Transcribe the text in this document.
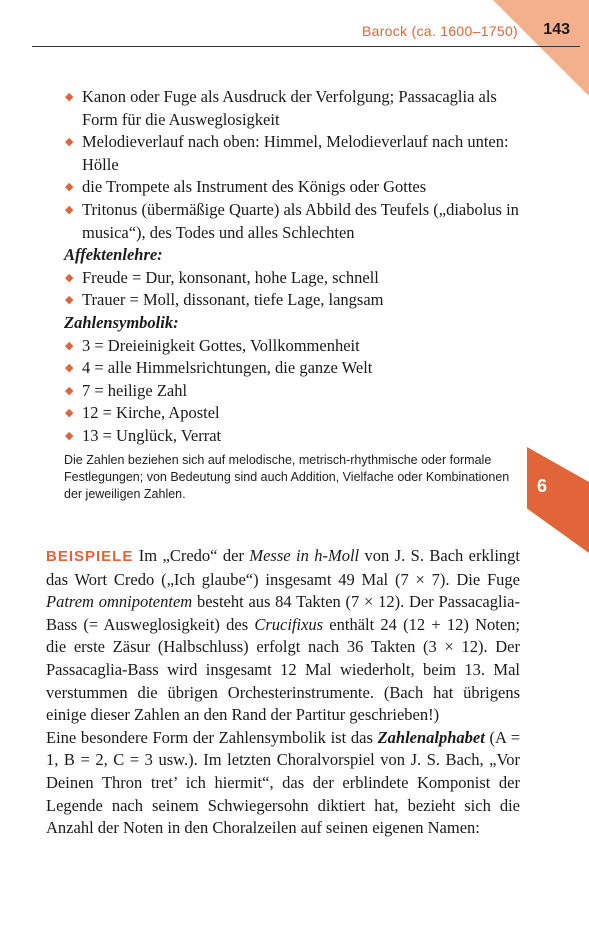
Barock (ca. 1600–1750) 143
6
◆ Kanon oder Fuge als Ausdruck der Verfolgung; Passacaglia als Form für die Ausweglosigkeit
◆ Melodieverlauf nach oben: Himmel, Melodieverlauf nach unten: Hölle
◆ die Trompete als Instrument des Königs oder Gottes
◆ Tritonus (übermäßige Quarte) als Abbild des Teufels („diabolus in musica“), des Todes und alles Schlechten

Affektenlehre:

◆ Freude = Dur, konsonant, hohe Lage, schnell
◆ Trauer = Moll, dissonant, tiefe Lage, langsam

Zahlensymbolik:

◆ 3 = Dreieinigkeit Gottes, Vollkommenheit
◆ 4 = alle Himmelsrichtungen, die ganze Welt
◆ 7 = heilige Zahl
◆ 12 = Kirche, Apostel
◆ 13 = Unglück, Verrat

Die Zahlen beziehen sich auf melodische, metrisch-rhythmische oder formale Festlegungen; von Bedeutung sind auch Addition, Vielfache oder Kombinationen der jeweiligen Zahlen.

BEISPIELE Im „Credo“ der Messe in h-Moll von J. S. Bach erklingt das Wort Credo („Ich glaube“) insgesamt 49 Mal (7 × 7). Die Fuge Patrem omnipotentem besteht aus 84 Takten (7 × 12). Der Passacaglia-Bass (= Ausweglosigkeit) des Crucifixus enthält 24 (12 + 12) Noten; die erste Zäsur (Halbschluss) erfolgt nach 36 Takten (3 × 12). Der Passacaglia-Bass wird insgesamt 12 Mal wiederholt, beim 13. Mal verstummen die übrigen Orchesterinstrumente. (Bach hat übrigens einige dieser Zahlen an den Rand der Partitur geschrieben!)

Eine besondere Form der Zahlensymbolik ist das Zahlenalphabet (A = 1, B = 2, C = 3 usw.). Im letzten Choralvorspiel von J. S. Bach, „Vor Deinen Thron tret’ ich hiermit“, das der erblindete Komponist der Legende nach seinem Schwiegersohn diktiert hat, bezieht sich die Anzahl der Noten in den Choralzeilen auf seinen eigenen Namen:
